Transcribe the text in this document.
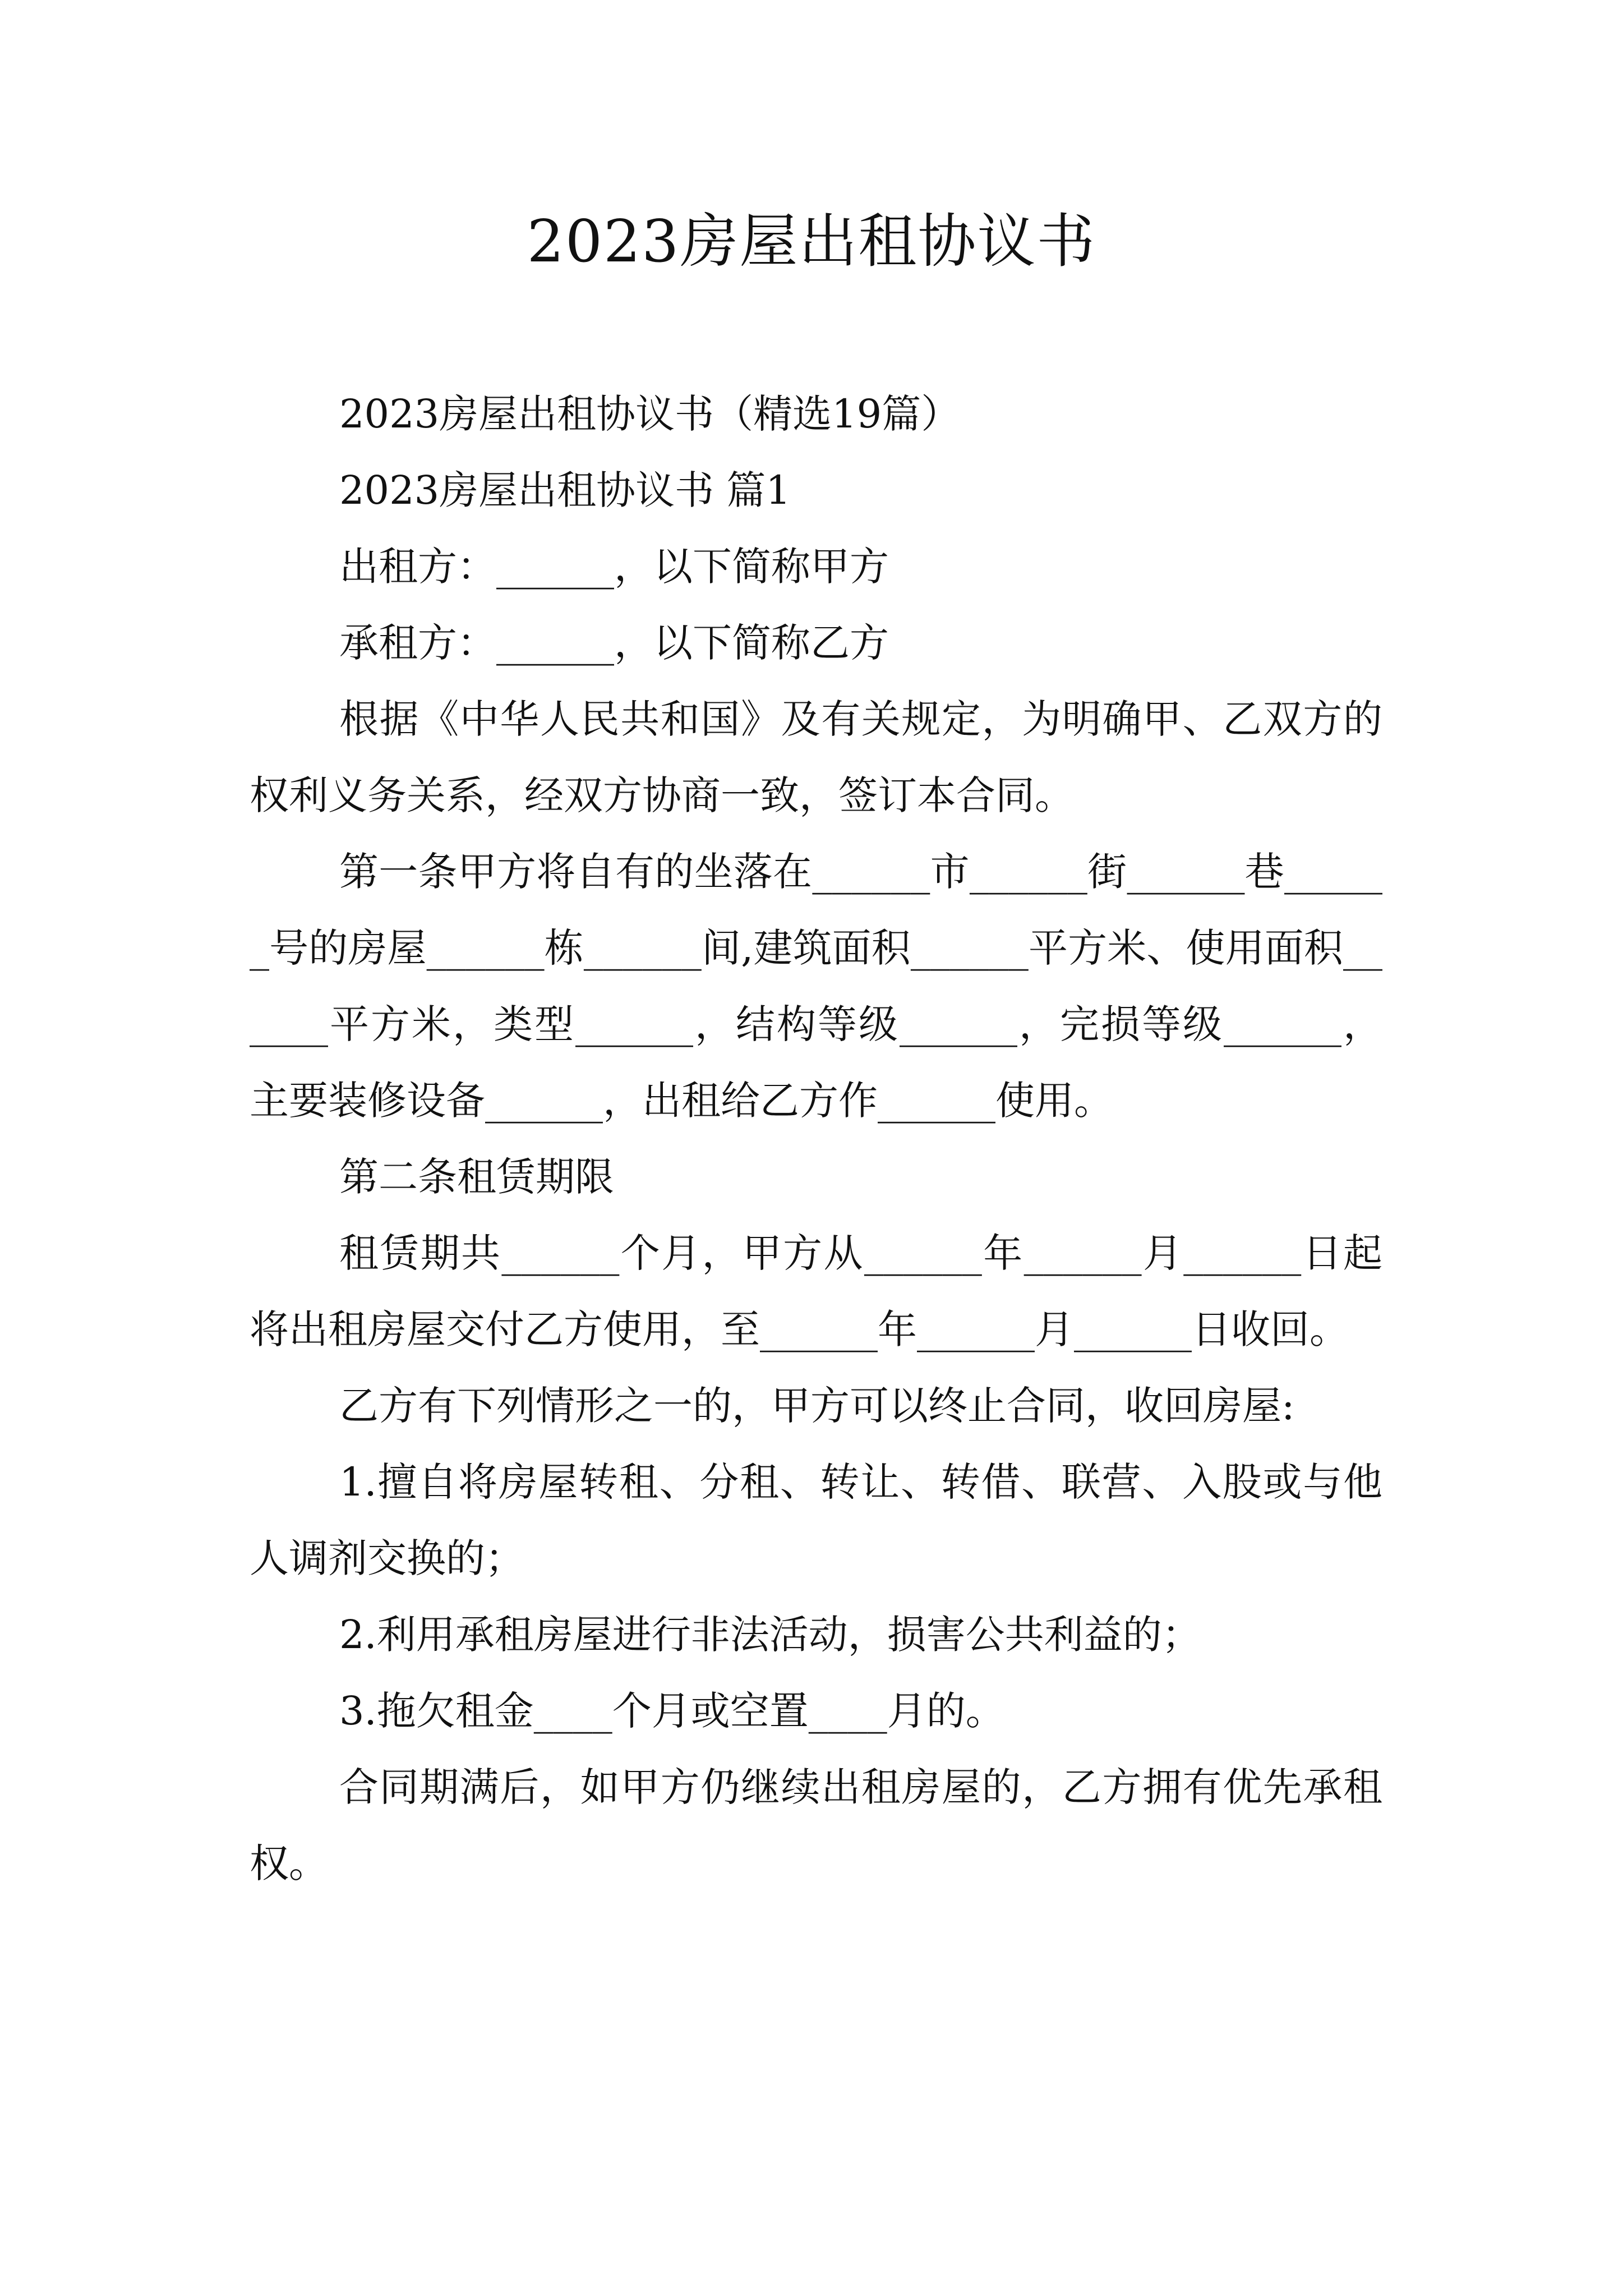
2023房屋出租协议书

2023房屋出租协议书（精选19篇）

2023房屋出租协议书 篇1

出租方：______，以下简称甲方

承租方：______，以下简称乙方

根据《中华人民共和国》及有关规定，为明确甲、乙双方的权利义务关系，经双方协商一致，签订本合同。

第一条甲方将自有的坐落在______市______街______巷______号的房屋______栋______间,建筑面积______平方米、使用面积______平方米，类型______，结构等级______，完损等级______，主要装修设备______，出租给乙方作______使用。

第二条租赁期限

租赁期共______个月，甲方从______年______月______日起将出租房屋交付乙方使用，至______年______月______日收回。

乙方有下列情形之一的，甲方可以终止合同，收回房屋:

1.擅自将房屋转租、分租、转让、转借、联营、入股或与他人调剂交换的；

2.利用承租房屋进行非法活动，损害公共利益的；

3.拖欠租金____个月或空置____月的。

合同期满后，如甲方仍继续出租房屋的，乙方拥有优先承租权。
